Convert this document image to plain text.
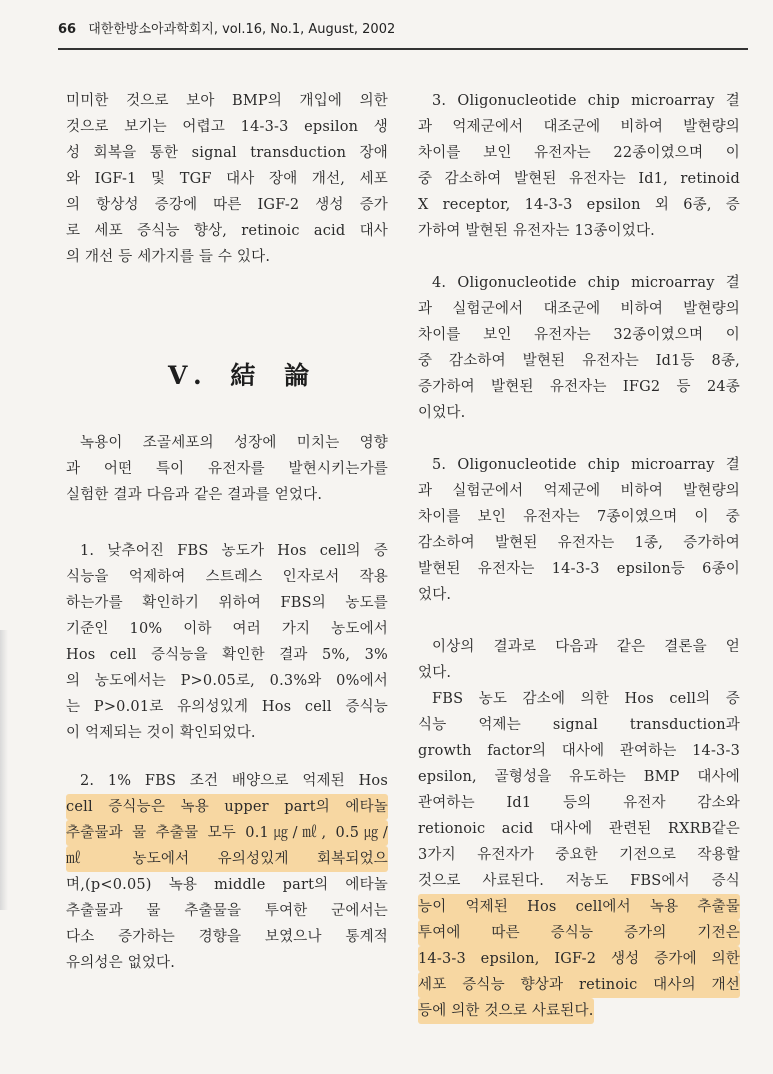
66 대한한방소아과학회지, vol.16, No.1, August, 2002
미미한 것으로 보아 BMP의 개입에 의한
것으로 보기는 어렵고 14-3-3 epsilon 생
성 회복을 통한 signal transduction 장애
와 IGF-1 및 TGF 대사 장애 개선, 세포
의 항상성 증강에 따른 IGF-2 생성 증가
로 세포 증식능 향상, retinoic acid 대사
의 개선 등 세가지를 들 수 있다.
V. 結 論
녹용이 조골세포의 성장에 미치는 영향
과 어떤 특이 유전자를 발현시키는가를
실험한 결과 다음과 같은 결과를 얻었다.
1. 낮추어진 FBS 농도가 Hos cell의 증
식능을 억제하여 스트레스 인자로서 작용
하는가를 확인하기 위하여 FBS의 농도를
기준인 10% 이하 여러 가지 농도에서
Hos cell 증식능을 확인한 결과 5%, 3%
의 농도에서는 P>0.05로, 0.3%와 0%에서
는 P>0.01로 유의성있게 Hos cell 증식능
이 억제되는 것이 확인되었다.
2. 1% FBS 조건 배양으로 억제된 Hos
cell 증식능은 녹용 upper part의 에타놀
추출물과 물 추출물 모두 0.1㎍/㎖, 0.5㎍/
㎖ 농도에서 유의성있게 회복되었으
며,(p<0.05) 녹용 middle part의 에타놀
추출물과 물 추출물을 투여한 군에서는
다소 증가하는 경향을 보였으나 통계적
유의성은 없었다.
3. Oligonucleotide chip microarray 결
과 억제군에서 대조군에 비하여 발현량의
차이를 보인 유전자는 22종이였으며 이
중 감소하여 발현된 유전자는 Id1, retinoid
X receptor, 14-3-3 epsilon 외 6종, 증
가하여 발현된 유전자는 13종이었다.
4. Oligonucleotide chip microarray 결
과 실험군에서 대조군에 비하여 발현량의
차이를 보인 유전자는 32종이였으며 이
중 감소하여 발현된 유전자는 Id1등 8종,
증가하여 발현된 유전자는 IFG2 등 24종
이었다.
5. Oligonucleotide chip microarray 결
과 실험군에서 억제군에 비하여 발현량의
차이를 보인 유전자는 7종이였으며 이 중
감소하여 발현된 유전자는 1종, 증가하여
발현된 유전자는 14-3-3 epsilon등 6종이
었다.
이상의 결과로 다음과 같은 결론을 얻
었다.
FBS 농도 감소에 의한 Hos cell의 증
식능 억제는 signal transduction과
growth factor의 대사에 관여하는 14-3-3
epsilon, 골형성을 유도하는 BMP 대사에
관여하는 Id1 등의 유전자 감소와
retionoic acid 대사에 관련된 RXRB같은
3가지 유전자가 중요한 기전으로 작용할
것으로 사료된다. 저농도 FBS에서 증식
능이 억제된 Hos cell에서 녹용 추출물
투여에 따른 증식능 증가의 기전은
14-3-3 epsilon, IGF-2 생성 증가에 의한
세포 증식능 향상과 retinoic 대사의 개선
등에 의한 것으로 사료된다.
